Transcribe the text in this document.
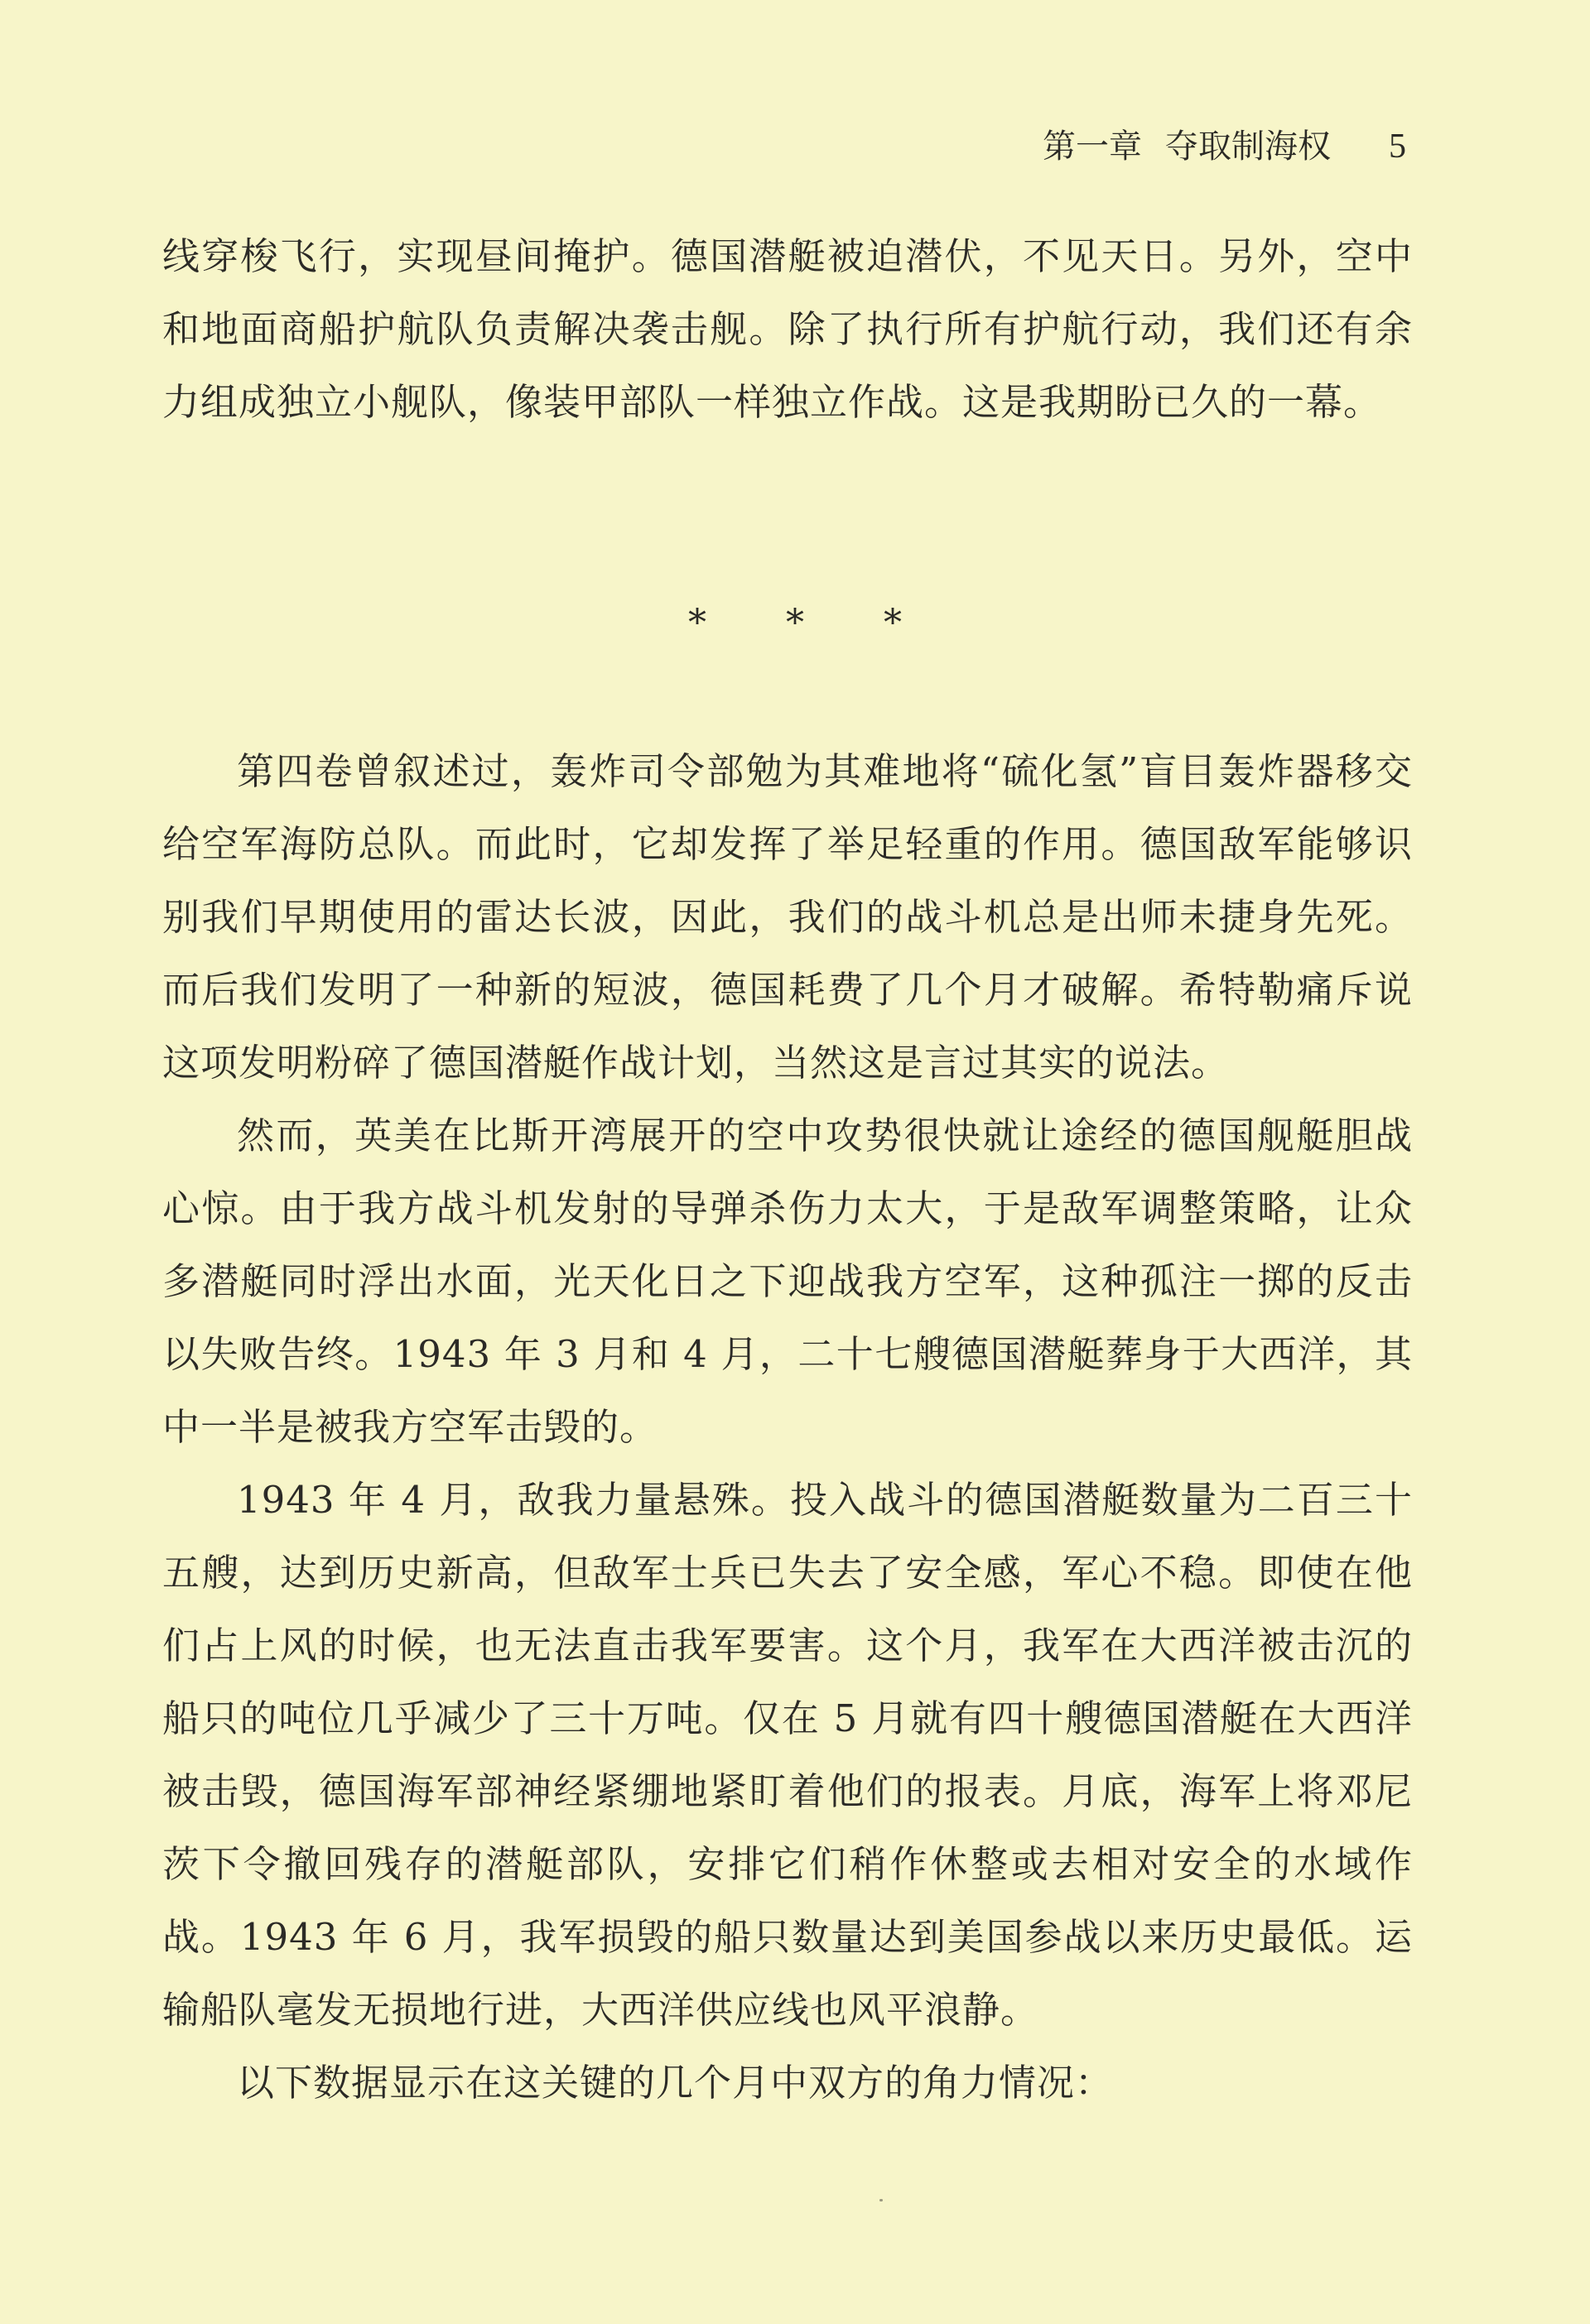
第一章 夺取制海权 5

线穿梭飞行，实现昼间掩护。德国潜艇被迫潜伏，不见天日。另外，空中和地面商船护航队负责解决袭击舰。除了执行所有护航行动，我们还有余力组成独立小舰队，像装甲部队一样独立作战。这是我期盼已久的一幕。

* * *

第四卷曾叙述过，轰炸司令部勉为其难地将“硫化氢”盲目轰炸器移交给空军海防总队。而此时，它却发挥了举足轻重的作用。德国敌军能够识别我们早期使用的雷达长波，因此，我们的战斗机总是出师未捷身先死。而后我们发明了一种新的短波，德国耗费了几个月才破解。希特勒痛斥说这项发明粉碎了德国潜艇作战计划，当然这是言过其实的说法。

然而，英美在比斯开湾展开的空中攻势很快就让途经的德国舰艇胆战心惊。由于我方战斗机发射的导弹杀伤力太大，于是敌军调整策略，让众多潜艇同时浮出水面，光天化日之下迎战我方空军，这种孤注一掷的反击以失败告终。1943 年 3 月和 4 月，二十七艘德国潜艇葬身于大西洋，其中一半是被我方空军击毁的。

1943 年 4 月，敌我力量悬殊。投入战斗的德国潜艇数量为二百三十五艘，达到历史新高，但敌军士兵已失去了安全感，军心不稳。即使在他们占上风的时候，也无法直击我军要害。这个月，我军在大西洋被击沉的船只的吨位几乎减少了三十万吨。仅在 5 月就有四十艘德国潜艇在大西洋被击毁，德国海军部神经紧绷地紧盯着他们的报表。月底，海军上将邓尼茨下令撤回残存的潜艇部队，安排它们稍作休整或去相对安全的水域作战。1943 年 6 月，我军损毁的船只数量达到美国参战以来历史最低。运输船队毫发无损地行进，大西洋供应线也风平浪静。

以下数据显示在这关键的几个月中双方的角力情况：
